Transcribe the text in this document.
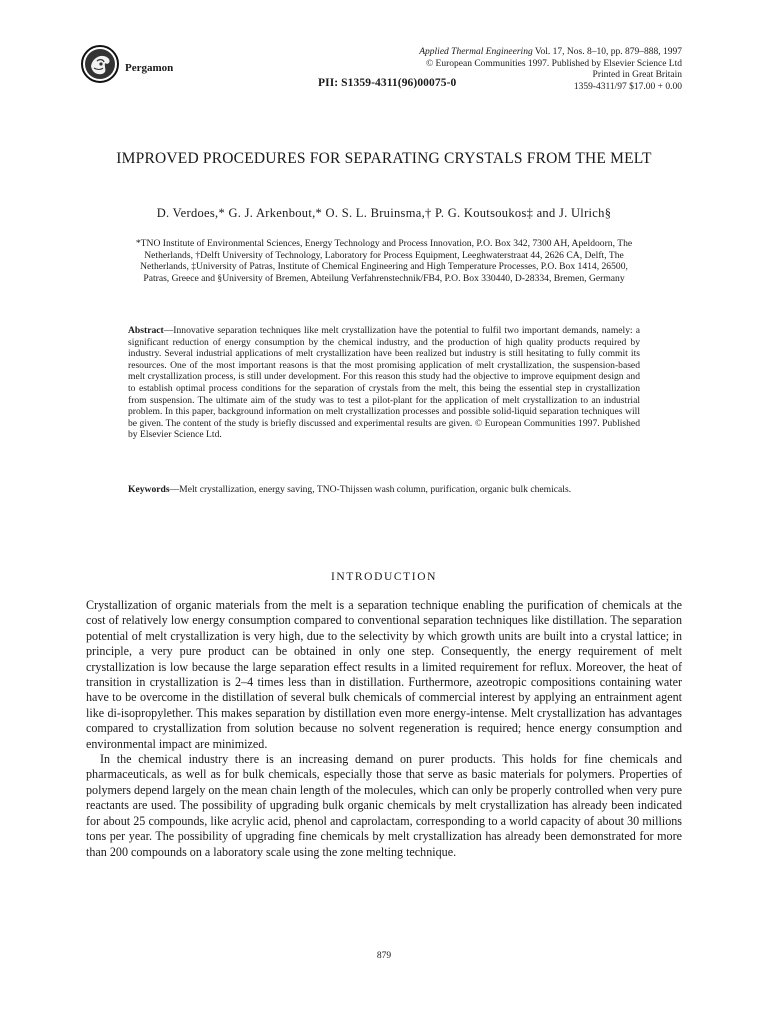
Pergamon
Applied Thermal Engineering Vol. 17, Nos. 8–10, pp. 879–888, 1997
© European Communities 1997. Published by Elsevier Science Ltd
Printed in Great Britain
1359-4311/97 $17.00 + 0.00
PII: S1359-4311(96)00075-0
IMPROVED PROCEDURES FOR SEPARATING CRYSTALS FROM THE MELT
D. Verdoes,* G. J. Arkenbout,* O. S. L. Bruinsma,† P. G. Koutsoukos‡ and J. Ulrich§
*TNO Institute of Environmental Sciences, Energy Technology and Process Innovation, P.O. Box 342, 7300 AH, Apeldoorn, The Netherlands, †Delft University of Technology, Laboratory for Process Equipment, Leeghwaterstraat 44, 2626 CA, Delft, The Netherlands, ‡University of Patras, Institute of Chemical Engineering and High Temperature Processes, P.O. Box 1414, 26500, Patras, Greece and §University of Bremen, Abteilung Verfahrenstechnik/FB4, P.O. Box 330440, D-28334, Bremen, Germany
Abstract—Innovative separation techniques like melt crystallization have the potential to fulfil two important demands, namely: a significant reduction of energy consumption by the chemical industry, and the production of high quality products required by industry. Several industrial applications of melt crystallization have been realized but industry is still hesitating to fully commit its resources. One of the most important reasons is that the most promising application of melt crystallization, the suspension-based melt crystallization process, is still under development. For this reason this study had the objective to improve equipment design and to establish optimal process conditions for the separation of crystals from the melt, this being the essential step in crystallization from suspension. The ultimate aim of the study was to test a pilot-plant for the application of melt crystallization to an industrial problem. In this paper, background information on melt crystallization processes and possible solid-liquid separation techniques will be given. The content of the study is briefly discussed and experimental results are given. © European Communities 1997. Published by Elsevier Science Ltd.
Keywords—Melt crystallization, energy saving, TNO-Thijssen wash column, purification, organic bulk chemicals.
INTRODUCTION

Crystallization of organic materials from the melt is a separation technique enabling the purification of chemicals at the cost of relatively low energy consumption compared to conventional separation techniques like distillation. The separation potential of melt crystallization is very high, due to the selectivity by which growth units are built into a crystal lattice; in principle, a very pure product can be obtained in only one step. Consequently, the energy requirement of melt crystallization is low because the large separation effect results in a limited requirement for reflux. Moreover, the heat of transition in crystallization is 2–4 times less than in distillation. Furthermore, azeotropic compositions containing water have to be overcome in the distillation of several bulk chemicals of commercial interest by applying an entrainment agent like di-isopropylether. This makes separation by distillation even more energy-intense. Melt crystallization has advantages compared to crystallization from solution because no solvent regeneration is required; hence energy consumption and environmental impact are minimized.

In the chemical industry there is an increasing demand on purer products. This holds for fine chemicals and pharmaceuticals, as well as for bulk chemicals, especially those that serve as basic materials for polymers. Properties of polymers depend largely on the mean chain length of the molecules, which can only be properly controlled when very pure reactants are used. The possibility of upgrading bulk organic chemicals by melt crystallization has already been indicated for about 25 compounds, like acrylic acid, phenol and caprolactam, corresponding to a world capacity of about 30 millions tons per year. The possibility of upgrading fine chemicals by melt crystallization has already been demonstrated for more than 200 compounds on a laboratory scale using the zone melting technique.

879
